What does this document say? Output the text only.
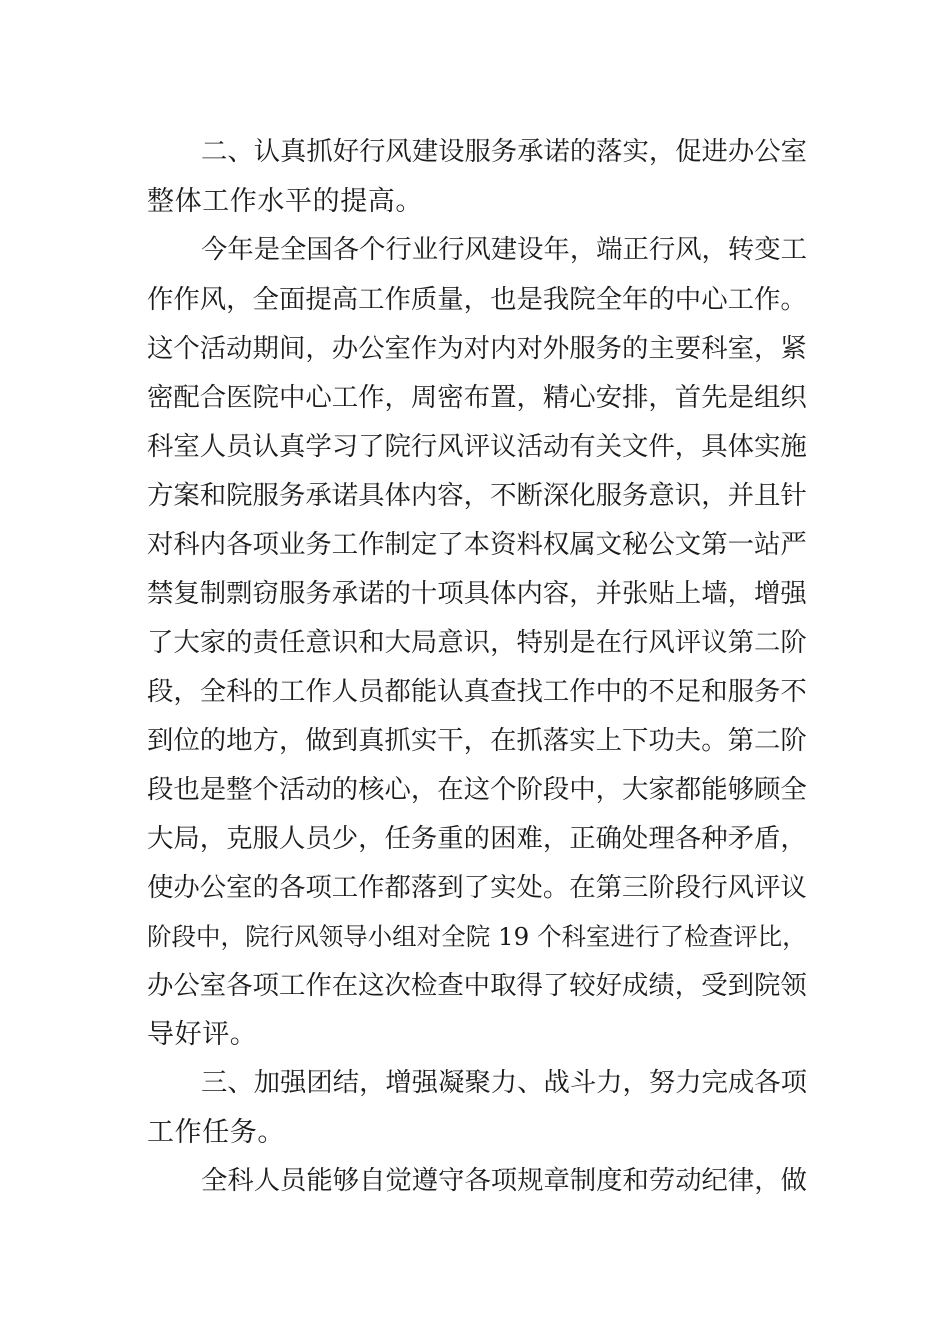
二、认真抓好行风建设服务承诺的落实，促进办公室
整体工作水平的提高。
今年是全国各个行业行风建设年，端正行风，转变工
作作风，全面提高工作质量，也是我院全年的中心工作。
这个活动期间，办公室作为对内对外服务的主要科室，紧
密配合医院中心工作，周密布置，精心安排，首先是组织
科室人员认真学习了院行风评议活动有关文件，具体实施
方案和院服务承诺具体内容，不断深化服务意识，并且针
对科内各项业务工作制定了本资料权属文秘公文第一站严
禁复制剽窃服务承诺的十项具体内容，并张贴上墙，增强
了大家的责任意识和大局意识，特别是在行风评议第二阶
段，全科的工作人员都能认真查找工作中的不足和服务不
到位的地方，做到真抓实干，在抓落实上下功夫。第二阶
段也是整个活动的核心，在这个阶段中，大家都能够顾全
大局，克服人员少，任务重的困难，正确处理各种矛盾，
使办公室的各项工作都落到了实处。在第三阶段行风评议
阶段中，院行风领导小组对全院 19 个科室进行了检查评比，
办公室各项工作在这次检查中取得了较好成绩，受到院领
导好评。
三、加强团结，增强凝聚力、战斗力，努力完成各项
工作任务。
全科人员能够自觉遵守各项规章制度和劳动纪律，做
